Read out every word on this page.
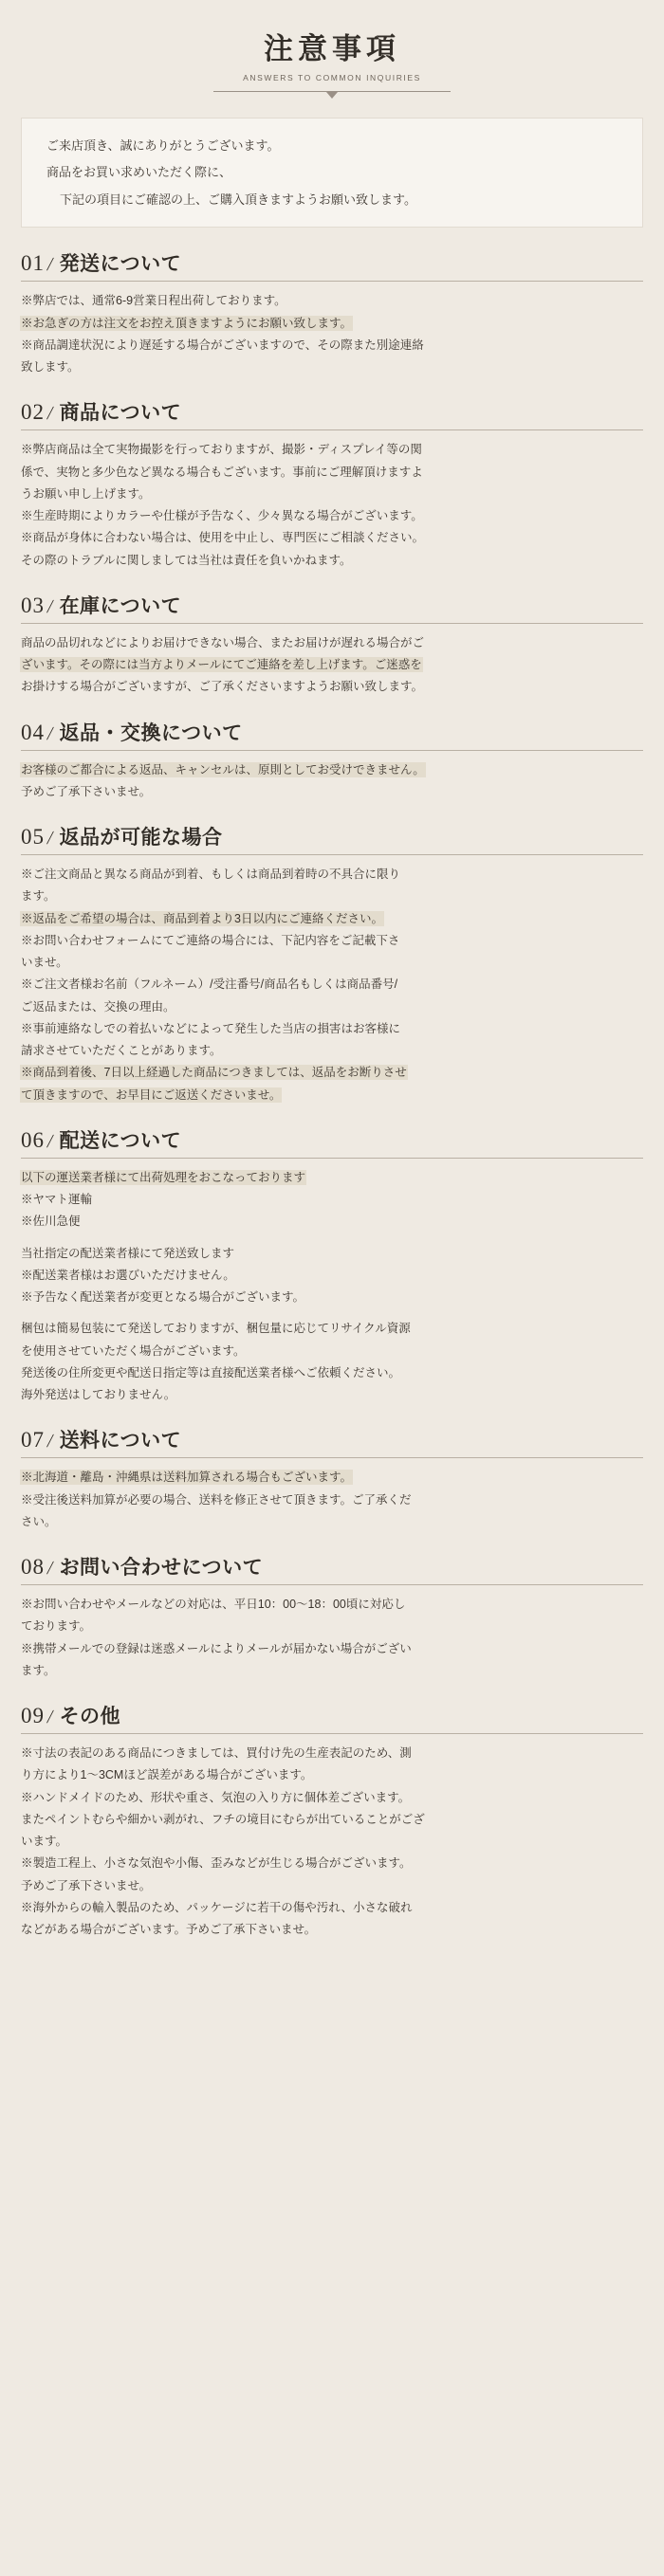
注意事項
ANSWERS TO COMMON INQUIRIES

ご来店頂き、誠にありがとうございます。

商品をお買い求めいただく際に、

下記の項目にご確認の上、ご購入頂きますようお願い致します。

01 / 発送について

※弊店では、通常6-9営業日程出荷しております。

※お急ぎの方は注文をお控え頂きますようにお願い致します。

※商品調達状況により遅延する場合がございますので、その際また別途連絡

致します。

02 / 商品について

※弊店商品は全て実物撮影を行っておりますが、撮影・ディスプレイ等の関

係で、実物と多少色など異なる場合もございます。事前にご理解頂けますよ

うお願い申し上げます。

※生産時期によりカラーや仕様が予告なく、少々異なる場合がございます。

※商品が身体に合わない場合は、使用を中止し、専門医にご相談ください。

その際のトラブルに関しましては当社は責任を負いかねます。

03 / 在庫について

商品の品切れなどによりお届けできない場合、またお届けが遅れる場合がご

ざいます。その際には当方よりメールにてご連絡を差し上げます。ご迷惑を

お掛けする場合がございますが、ご了承くださいますようお願い致します。

04 / 返品・交換について

お客様のご都合による返品、キャンセルは、原則としてお受けできません。

予めご了承下さいませ。

05 / 返品が可能な場合

※ご注文商品と異なる商品が到着、もしくは商品到着時の不具合に限り

ます。

※返品をご希望の場合は、商品到着より3日以内にご連絡ください。

※お問い合わせフォームにてご連絡の場合には、下記内容をご記載下さ

いませ。

※ご注文者様お名前（フルネーム）/受注番号/商品名もしくは商品番号/

ご返品または、交換の理由。

※事前連絡なしでの着払いなどによって発生した当店の損害はお客様に

請求させていただくことがあります。

※商品到着後、7日以上経過した商品につきましては、返品をお断りさせ

て頂きますので、お早目にご返送くださいませ。

06 / 配送について

以下の運送業者様にて出荷処理をおこなっております

※ヤマト運輸

※佐川急便

当社指定の配送業者様にて発送致します

※配送業者様はお選びいただけません。

※予告なく配送業者が変更となる場合がございます。

梱包は簡易包装にて発送しておりますが、梱包量に応じてリサイクル資源

を使用させていただく場合がございます。

発送後の住所変更や配送日指定等は直接配送業者様へご依頼ください。

海外発送はしておりません。

07 / 送料について

※北海道・離島・沖縄県は送料加算される場合もございます。

※受注後送料加算が必要の場合、送料を修正させて頂きます。ご了承くだ

さい。

08 / お問い合わせについて

※お問い合わせやメールなどの対応は、平日10：00～18：00頃に対応し

ております。

※携帯メールでの登録は迷惑メールによりメールが届かない場合がござい

ます。

09 / その他

※寸法の表記のある商品につきましては、買付け先の生産表記のため、測

り方により1～3CMほど誤差がある場合がございます。

※ハンドメイドのため、形状や重さ、気泡の入り方に個体差ございます。

またペイントむらや細かい剥がれ、フチの境目にむらが出ていることがござ

います。

※製造工程上、小さな気泡や小傷、歪みなどが生じる場合がございます。

予めご了承下さいませ。

※海外からの輸入製品のため、パッケージに若干の傷や汚れ、小さな破れ

などがある場合がございます。予めご了承下さいませ。
